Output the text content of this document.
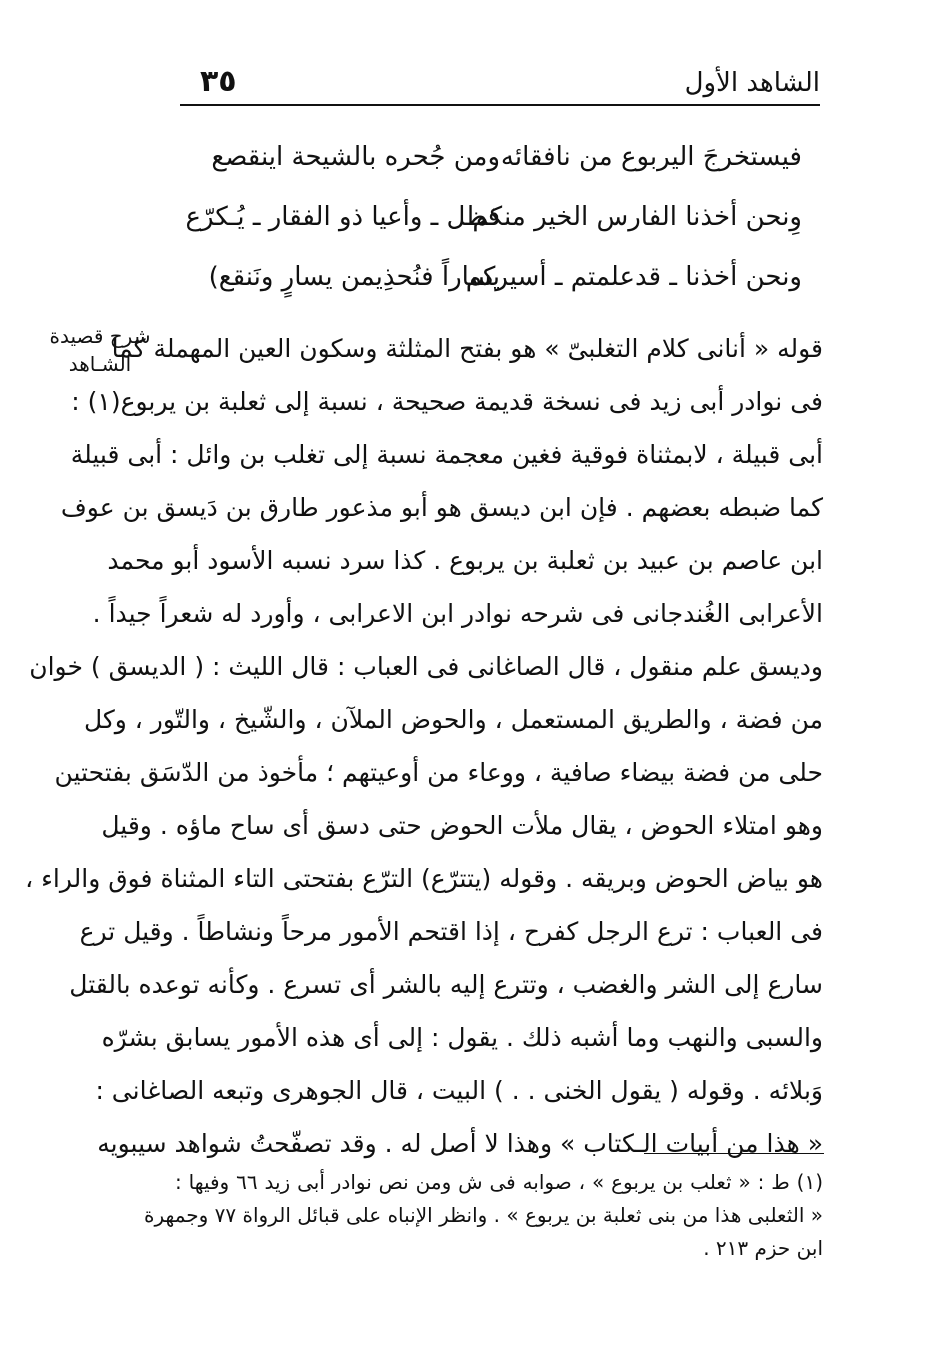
الشاهد الأول
٣٥
فيستخرجَ اليربوع من نافقائه
ومن جُحره بالشيحة اينقصع
وِنحن أخذنا الفارس الخير منكم
فظل ـ وأعيا ذو الفقار ـ يُـكرّع
ونحن أخذنا ـ قدعلمتم ـ أسيركم
يساراً فنُحذِيمن يسارٍ ونَنقع)
شرح قصيدة
الشـاهد
قوله « أنانى كلام التغلبىّ » هو بفتح المثلثة وسكون العين المهملة كما
فى نوادر أبى زيد فى نسخة قديمة صحيحة ، نسبة إلى ثعلبة بن يربوع(١) :
أبى قبيلة ، لابمثناة فوقية فغين معجمة نسبة إلى تغلب بن وائل : أبى قبيلة
كما ضبطه بعضهم . فإن ابن ديسق هو أبو مذعور طارق بن دَيسق بن عوف
ابن عاصم بن عبيد بن ثعلبة بن يربوع . كذا سرد نسبه الأسود أبو محمد
الأعرابى الغُندجانى فى شرحه نوادر ابن الاعرابى ، وأورد له شعراً جيداً .
وديسق علم منقول ، قال الصاغانى فى العباب : قال الليث : ( الديسق ) خوان
من فضة ، والطريق المستعمل ، والحوض الملآن ، والشّيخ ، والتّور ، وكل
حلى من فضة بيضاء صافية ، ووعاء من أوعيتهم ؛ مأخوذ من الدّسَق بفتحتين
وهو امتلاء الحوض ، يقال ملأت الحوض حتى دسق أى ساح ماؤه . وقيل
هو بياض الحوض وبريقه . وقوله (يتترّع) الترّع بفتحتى التاء المثناة فوق والراء ،
فى العباب : ترع الرجل كفرح ، إذا اقتحم الأمور مرحاً ونشاطاً . وقيل ترع
سارع إلى الشر والغضب ، وتترع إليه بالشر أى تسرع . وكأنه توعده بالقتل
والسبى والنهب وما أشبه ذلك . يقول : إلى أى هذه الأمور يسابق بشرّه
وَبلائه . وقوله ( يقول الخنى . . ) البيت ، قال الجوهرى وتبعه الصاغانى :
« هذا من أبيات الـكتاب » وهذا لا أصل له . وقد تصفّحتُ شواهد سيبويه
(١) ط : « ثعلب بن يربوع » ، صوابه فى ش ومن نص نوادر أبى زيد ٦٦ وفيها :
« الثعلبى هذا من بنى ثعلبة بن يربوع » . وانظر الإنباه على قبائل الرواة ٧٧ وجمهرة
ابن حزم ٢١٣ .
